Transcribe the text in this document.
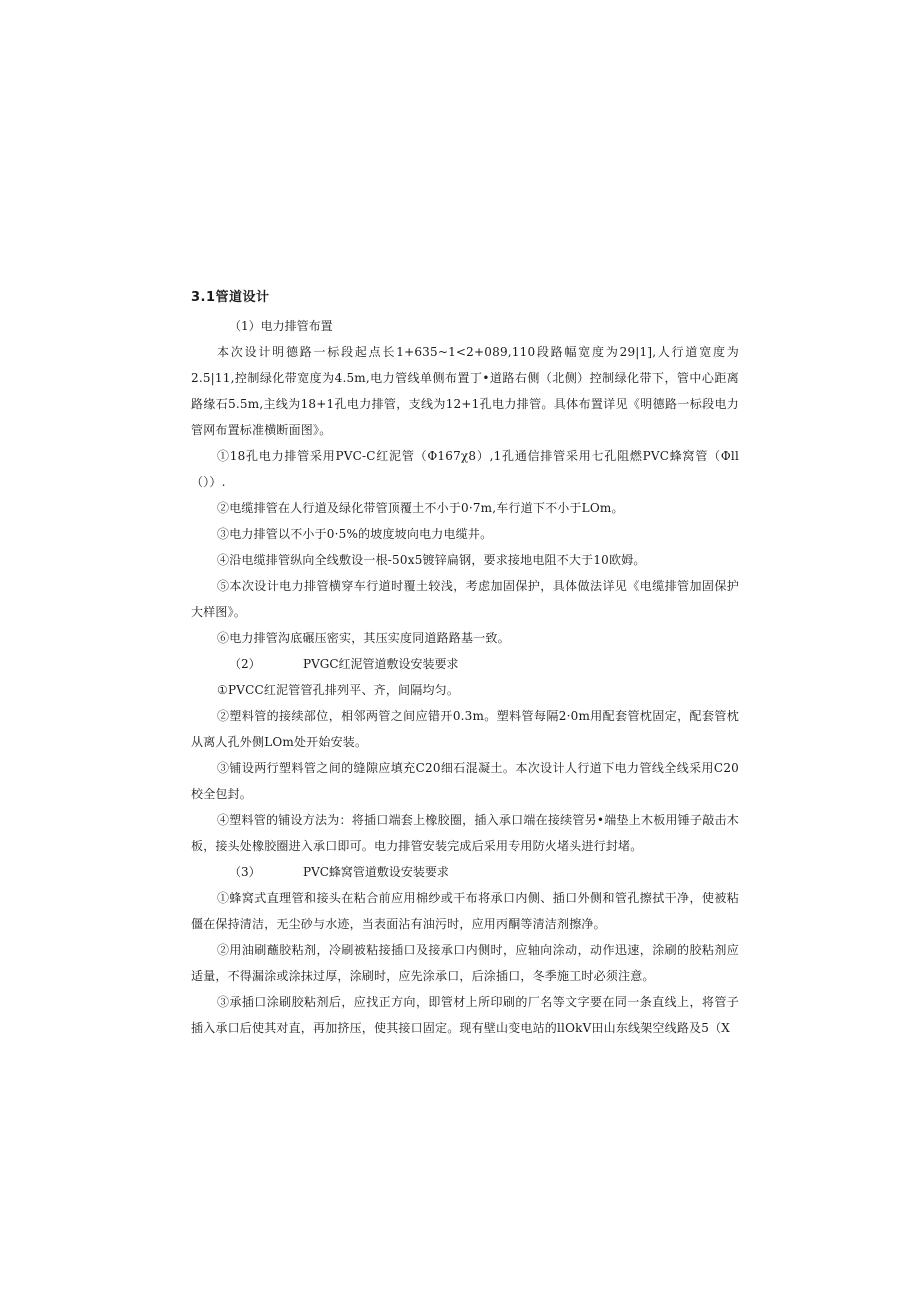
3.1管道设计

（1）电力排管布置

本次设计明德路一标段起点长1+635~1<2+089,110段路幅宽度为29|1],人行道宽度为2.5|11,控制绿化带宽度为4.5m,电力管线单侧布置丁•道路右侧（北侧）控制绿化带下，管中心距离路缘石5.5m,主线为18+1孔电力排管，支线为12+1孔电力排管。具体布置详见《明德路一标段电力管网布置标准横断面图》。

①18孔电力排管采用PVC-C红泥管（Φ167χ8）,1孔通信排管采用七孔阻燃PVC蜂窝管（Φll（））.

②电缆排管在人行道及绿化带管顶覆土不小于0·7m,车行道下不小于LOm。

③电力排管以不小于0·5%的坡度坡向电力电缆井。

④沿电缆排管纵向全线敷设一根-50x5镀锌扁钢，要求接地电阻不大于10欧姆。

⑤本次设计电力排管横穿车行道时覆土较浅，考虑加固保护，具体做法详见《电缆排管加固保护大样图》。

⑥电力排管沟底碾压密实，其压实度同道路路基一致。

（2）	PVGC红泥管道敷设安装要求

①PVCC红泥管管孔排列平、齐，间隔均匀。

②塑料管的接续部位，相邻两管之间应错开0.3m。塑料管每隔2·0m用配套管枕固定，配套管枕从离人孔外侧LOm处开始安装。

③铺设两行塑料管之间的缝隙应填充C20细石混凝土。本次设计人行道下电力管线全线采用C20校全包封。

④塑料管的铺设方法为：将插口端套上橡胶圈，插入承口端在接续管另•端垫上木板用锤子敲击木板，接头处橡胶圈进入承口即可。电力排管安装完成后采用专用防火堵头进行封堵。

（3）	PVC蜂窝管道敷设安装要求

①蜂窝式直理管和接头在粘合前应用棉纱或干布将承口内侧、插口外侧和管孔擦拭干净，使被粘僵在保持清洁，无尘砂与水迹，当表面沾有油污时，应用丙酮等清洁剂擦净。

②用油刷蘸胶粘剂，冷刷被粘接插口及接承口内侧时，应轴向涂动，动作迅速，涂刷的胶粘剂应适量，不得漏涂或涂抹过厚，涂刷时，应先涂承口，后涂插口，冬季施工时必须注意。

③承插口涂刷胶粘剂后，应找正方向，即管材上所印刷的厂名等文字要在同一条直线上，将管子插入承口后使其对直，再加挤压，使其接口固定。现有壁山变电站的llOkV田山东线架空线路及5（X
